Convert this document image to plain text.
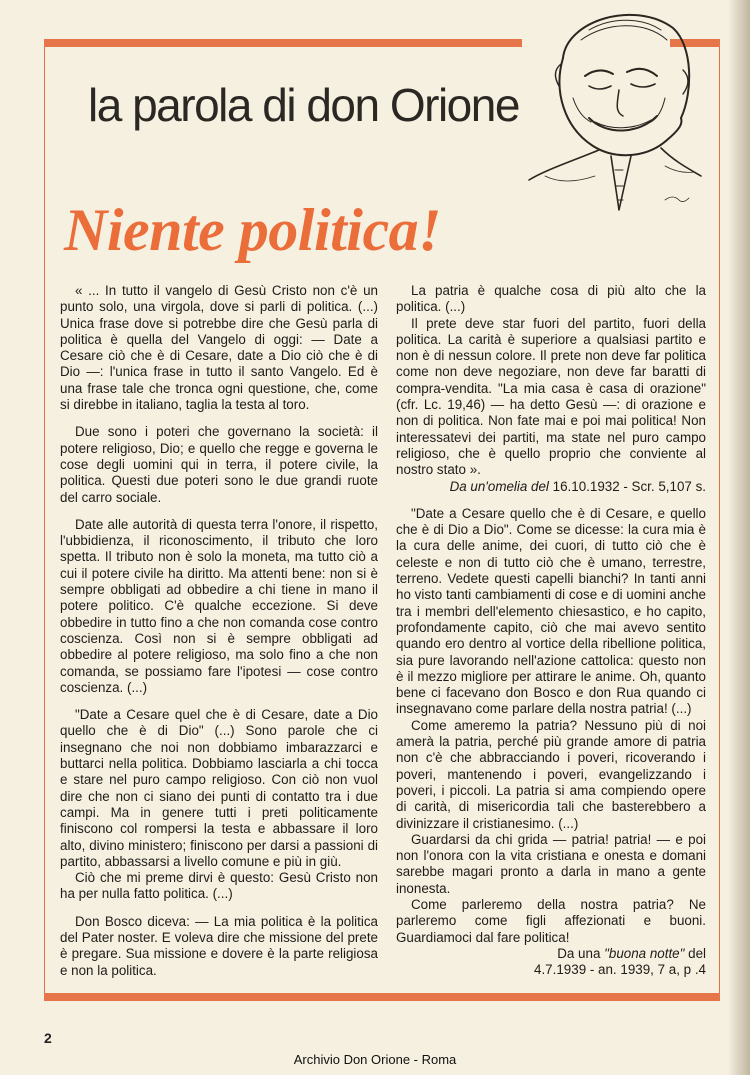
la parola di don Orione
Niente politica!

« ... In tutto il vangelo di Gesù Cristo non c'è un punto solo, una virgola, dove si parli di politica. (...) Unica frase dove si potrebbe dire che Gesù parla di politica è quella del Vangelo di oggi: — Date a Cesare ciò che è di Cesare, date a Dio ciò che è di Dio —: l'unica frase in tutto il santo Vangelo. Ed è una frase tale che tronca ogni questione, che, come si direbbe in italiano, taglia la testa al toro.

Due sono i poteri che governano la società: il potere religioso, Dio; e quello che regge e governa le cose degli uomini qui in terra, il potere civile, la politica. Questi due poteri sono le due grandi ruote del carro sociale.

Date alle autorità di questa terra l'onore, il rispetto, l'ubbidienza, il riconoscimento, il tributo che loro spetta. Il tributo non è solo la moneta, ma tutto ciò a cui il potere civile ha diritto. Ma attenti bene: non si è sempre obbligati ad obbedire a chi tiene in mano il potere politico. C'è qualche eccezione. Si deve obbedire in tutto fino a che non comanda cose contro coscienza. Così non si è sempre obbligati ad obbedire al potere religioso, ma solo fino a che non comanda, se possiamo fare l'ipotesi — cose contro coscienza. (...)

"Date a Cesare quel che è di Cesare, date a Dio quello che è di Dio" (...) Sono parole che ci insegnano che noi non dobbiamo imbarazzarci e buttarci nella politica. Dobbiamo lasciarla a chi tocca e stare nel puro campo religioso. Con ciò non vuol dire che non ci siano dei punti di contatto tra i due campi. Ma in genere tutti i preti politicamente finiscono col rompersi la testa e abbassare il loro alto, divino ministero; finiscono per darsi a passioni di partito, abbassarsi a livello comune e più in giù.

Ciò che mi preme dirvi è questo: Gesù Cristo non ha per nulla fatto politica. (...)

Don Bosco diceva: — La mia politica è la politica del Pater noster. E voleva dire che missione del prete è pregare. Sua missione e dovere è la parte religiosa e non la politica.

La patria è qualche cosa di più alto che la politica. (...)

Il prete deve star fuori del partito, fuori della politica. La carità è superiore a qualsiasi partito e non è di nessun colore. Il prete non deve far politica come non deve negoziare, non deve far baratti di compra-vendita. "La mia casa è casa di orazione" (cfr. Lc. 19,46) — ha detto Gesù —: di orazione e non di politica. Non fate mai e poi mai politica! Non interessatevi dei partiti, ma state nel puro campo religioso, che è quello proprio che conviente al nostro stato ».

Da un'omelia del 16.10.1932 - Scr. 5,107 s.

"Date a Cesare quello che è di Cesare, e quello che è di Dio a Dio". Come se dicesse: la cura mia è la cura delle anime, dei cuori, di tutto ciò che è celeste e non di tutto ciò che è umano, terrestre, terreno. Vedete questi capelli bianchi? In tanti anni ho visto tanti cambiamenti di cose e di uomini anche tra i membri dell'elemento chiesastico, e ho capito, profondamente capito, ciò che mai avevo sentito quando ero dentro al vortice della ribellione politica, sia pure lavorando nell'azione cattolica: questo non è il mezzo migliore per attirare le anime. Oh, quanto bene ci facevano don Bosco e don Rua quando ci insegnavano come parlare della nostra patria! (...)

Come ameremo la patria? Nessuno più di noi amerà la patria, perché più grande amore di patria non c'è che abbracciando i poveri, ricoverando i poveri, mantenendo i poveri, evangelizzando i poveri, i piccoli. La patria si ama compiendo opere di carità, di misericordia tali che basterebbero a divinizzare il cristianesimo. (...)

Guardarsi da chi grida — patria! patria! — e poi non l'onora con la vita cristiana e onesta e domani sarebbe magari pronto a darla in mano a gente inonesta.

Come parleremo della nostra patria? Ne parleremo come figli affezionati e buoni. Guardiamoci dal fare politica!

Da una "buona notte" del
4.7.1939 - an. 1939, 7 a, p .4

2
Archivio Don Orione - Roma
